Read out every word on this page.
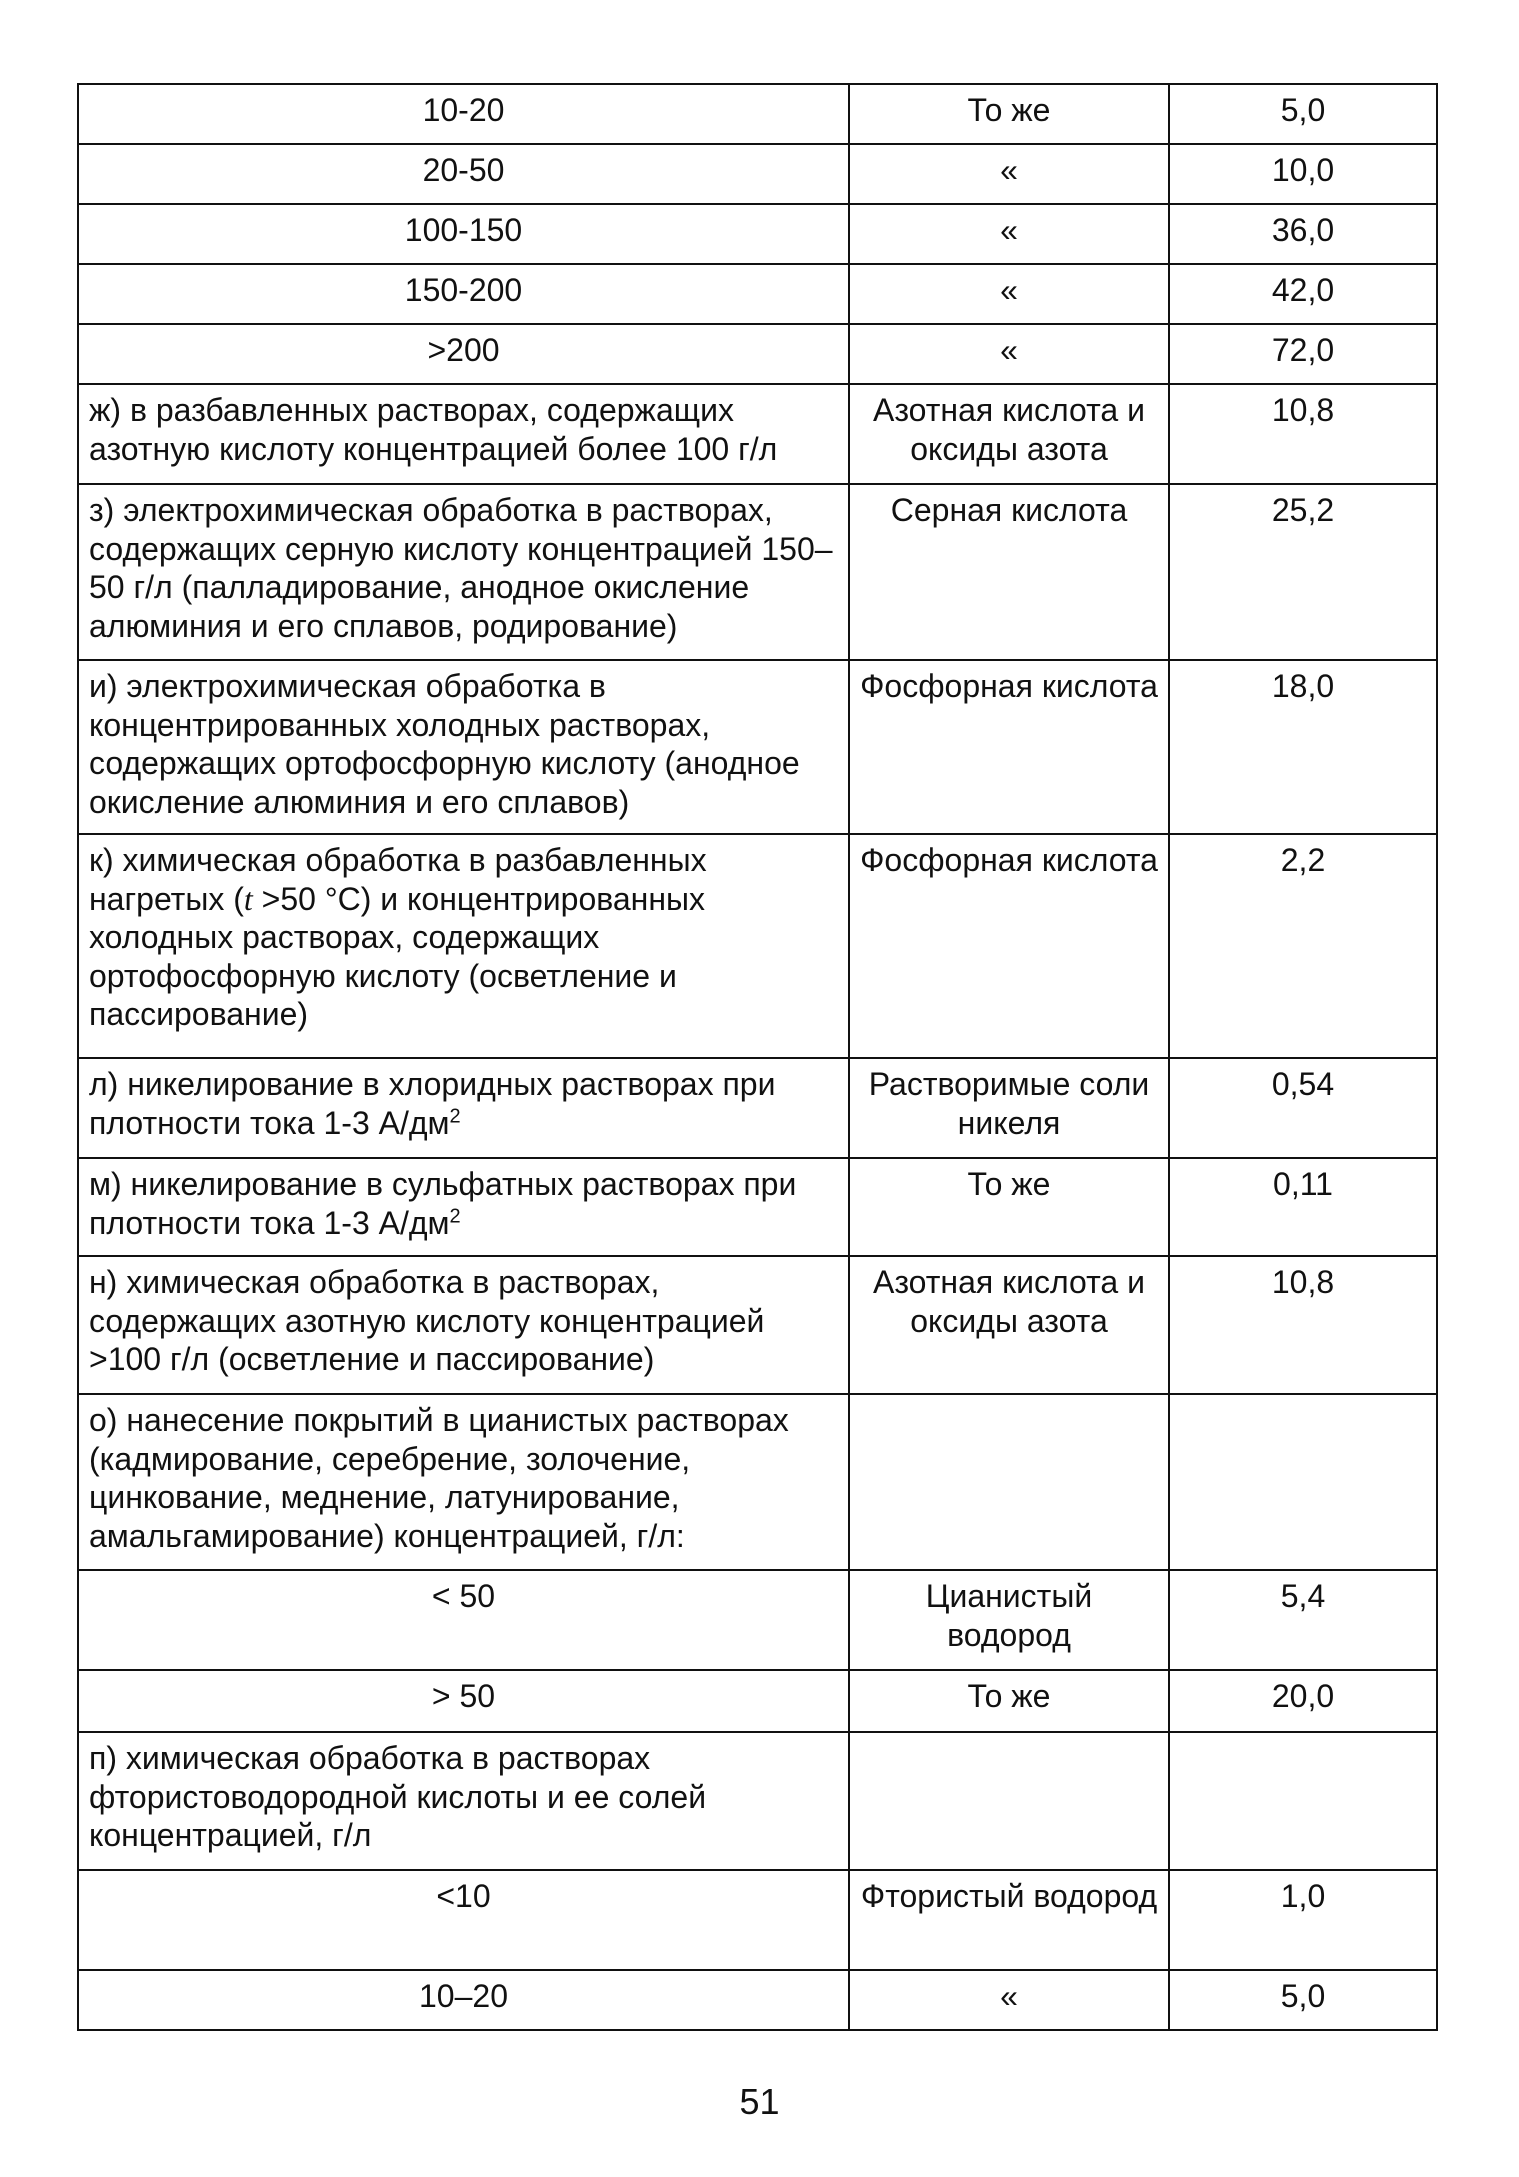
10-20	То же	5,0
20-50	«	10,0
100-150	«	36,0
150-200	«	42,0
>200	«	72,0
ж) в разбавленных растворах, содержащих азотную кислоту концентрацией более 100 г/л	Азотная кислота и оксиды азота	10,8
з) электрохимическая обработка в растворах, содержащих серную кислоту концентрацией 150–50 г/л (палладирование, анодное окисление алюминия и его сплавов, родирование)	Серная кислота	25,2
и) электрохимическая обработка в концентрированных холодных растворах, содержащих ортофосфорную кислоту (анодное окисление алюминия и его сплавов)	Фосфорная кислота	18,0
к) химическая обработка в разбавленных нагретых (t >50 °С) и концентрированных холодных растворах, содержащих ортофосфорную кислоту (осветление и пассирование)	Фосфорная кислота	2,2
л) никелирование в хлоридных растворах при плотности тока 1-3 $А/дм^2$	Растворимые соли никеля	0,54
м) никелирование в сульфатных растворах при плотности тока 1-3 $А/дм^2$	То же	0,11
н) химическая обработка в растворах, содержащих азотную кислоту концентрацией >100 г/л (осветление и пассирование)	Азотная кислота и оксиды азота	10,8
о) нанесение покрытий в цианистых растворах (кадмирование, серебрение, золочение, цинкование, меднение, латунирование, амальгамирование) концентрацией, г/л:		
< 50	Цианистый водород	5,4
> 50	То же	20,0
п) химическая обработка в растворах фтористоводородной кислоты и ее солей концентрацией, г/л		
<10	Фтористый водород	1,0
10–20	«	5,0
51
